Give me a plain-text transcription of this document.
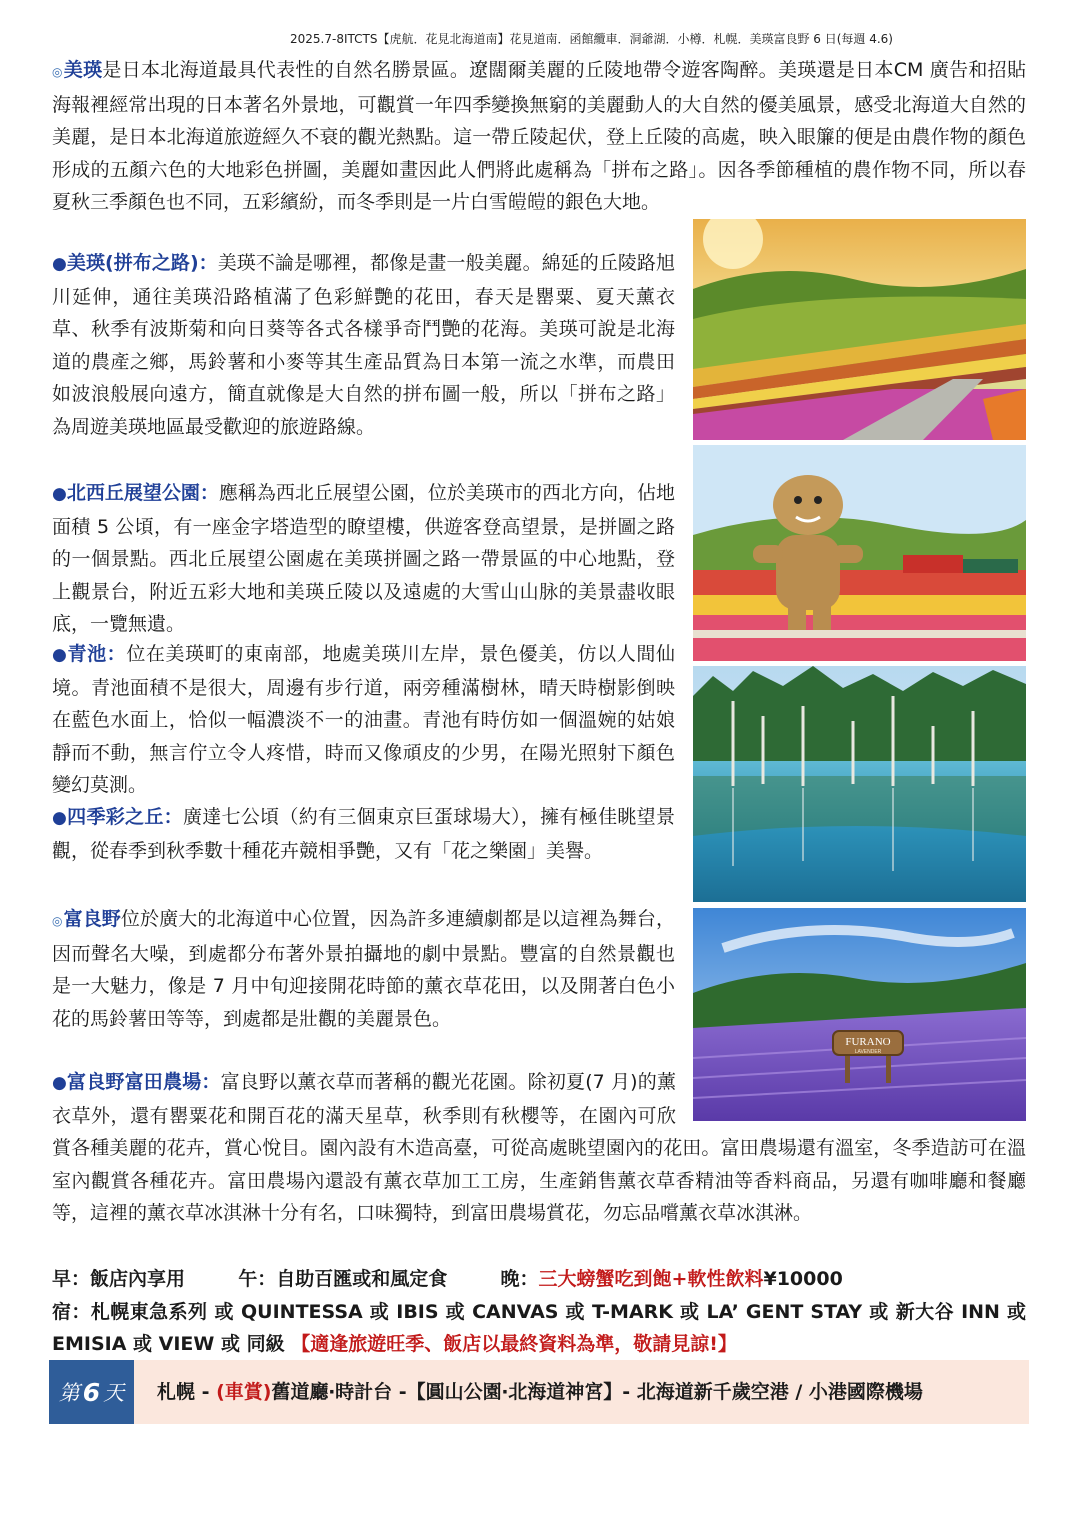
2025.7-8ITCTS【虎航．花見北海道南】花見道南．函館纜車．洞爺湖．小樽．札幌．美瑛富良野 6 日(每週 4.6)
◎美瑛是日本北海道最具代表性的自然名勝景區。遼闊爾美麗的丘陵地帶令遊客陶醉。美瑛還是日本CM 廣告和招貼海報裡經常出現的日本著名外景地，可觀賞一年四季變換無窮的美麗動人的大自然的優美風景，感受北海道大自然的美麗，是日本北海道旅遊經久不衰的觀光熱點。這一帶丘陵起伏，登上丘陵的高處，映入眼簾的便是由農作物的顏色形成的五顏六色的大地彩色拼圖，美麗如畫因此人們將此處稱為「拼布之路」。因各季節種植的農作物不同，所以春夏秋三季顏色也不同，五彩繽紛，而冬季則是一片白雪皚皚的銀色大地。
●美瑛(拼布之路)：美瑛不論是哪裡，都像是畫一般美麗。綿延的丘陵路旭川延伸，通往美瑛沿路植滿了色彩鮮艷的花田，春天是罌粟、夏天薰衣草、秋季有波斯菊和向日葵等各式各樣爭奇鬥艷的花海。美瑛可說是北海道的農產之鄉，馬鈴薯和小麥等其生產品質為日本第一流之水準，而農田如波浪般展向遠方，簡直就像是大自然的拼布圖一般，所以「拼布之路」為周遊美瑛地區最受歡迎的旅遊路線。
●北西丘展望公園：應稱為西北丘展望公園，位於美瑛市的西北方向，佔地面積 5 公頃，有一座金字塔造型的瞭望樓，供遊客登高望景，是拼圖之路的一個景點。西北丘展望公園處在美瑛拼圖之路一帶景區的中心地點，登上觀景台，附近五彩大地和美瑛丘陵以及遠處的大雪山山脉的美景盡收眼底，一覽無遺。
●青池：位在美瑛町的東南部，地處美瑛川左岸，景色優美，仿以人間仙境。青池面積不是很大，周邊有步行道，兩旁種滿樹林，晴天時樹影倒映在藍色水面上，恰似一幅濃淡不一的油畫。青池有時仿如一個溫婉的姑娘靜而不動，無言佇立令人疼惜，時而又像頑皮的少男，在陽光照射下顏色變幻莫測。
●四季彩之丘：廣達七公頃（約有三個東京巨蛋球場大），擁有極佳眺望景觀，從春季到秋季數十種花卉競相爭艷，又有「花之樂園」美譽。
◎富良野位於廣大的北海道中心位置，因為許多連續劇都是以這裡為舞台，因而聲名大噪，到處都分布著外景拍攝地的劇中景點。豐富的自然景觀也是一大魅力，像是 7 月中旬迎接開花時節的薰衣草花田，以及開著白色小花的馬鈴薯田等等，到處都是壯觀的美麗景色。
●富良野富田農場：富良野以薰衣草而著稱的觀光花園。除初夏(7 月)的薰衣草外，還有罌粟花和開百花的滿天星草，秋季則有秋櫻等，在園內可欣賞各種美麗的花卉，賞心悅目。園內設有木造高臺，可從高處眺望園內的花田。富田農場還有溫室，冬季造訪可在溫室內觀賞各種花卉。富田農場內還設有薰衣草加工工房，生產銷售薰衣草香精油等香料商品，另還有咖啡廳和餐廳等，這裡的薰衣草冰淇淋十分有名，口味獨特，到富田農場賞花，勿忘品嚐薰衣草冰淇淋。
FURANO
LAVENDER
早：飯店內享用	午：自助百匯或和風定食	晚：三大螃蟹吃到飽+軟性飲料¥10000
宿：札幌東急系列 或 QUINTESSA 或 IBIS 或 CANVAS 或 T-MARK 或 LA’ GENT STAY 或 新大谷 INN 或 EMISIA 或 VIEW 或 同級 【適逢旅遊旺季、飯店以最終資料為準，敬請見諒!】
第 6 天 札幌 - (車賞)舊道廳‧時計台 -【圓山公園‧北海道神宮】- 北海道新千歲空港 / 小港國際機場
